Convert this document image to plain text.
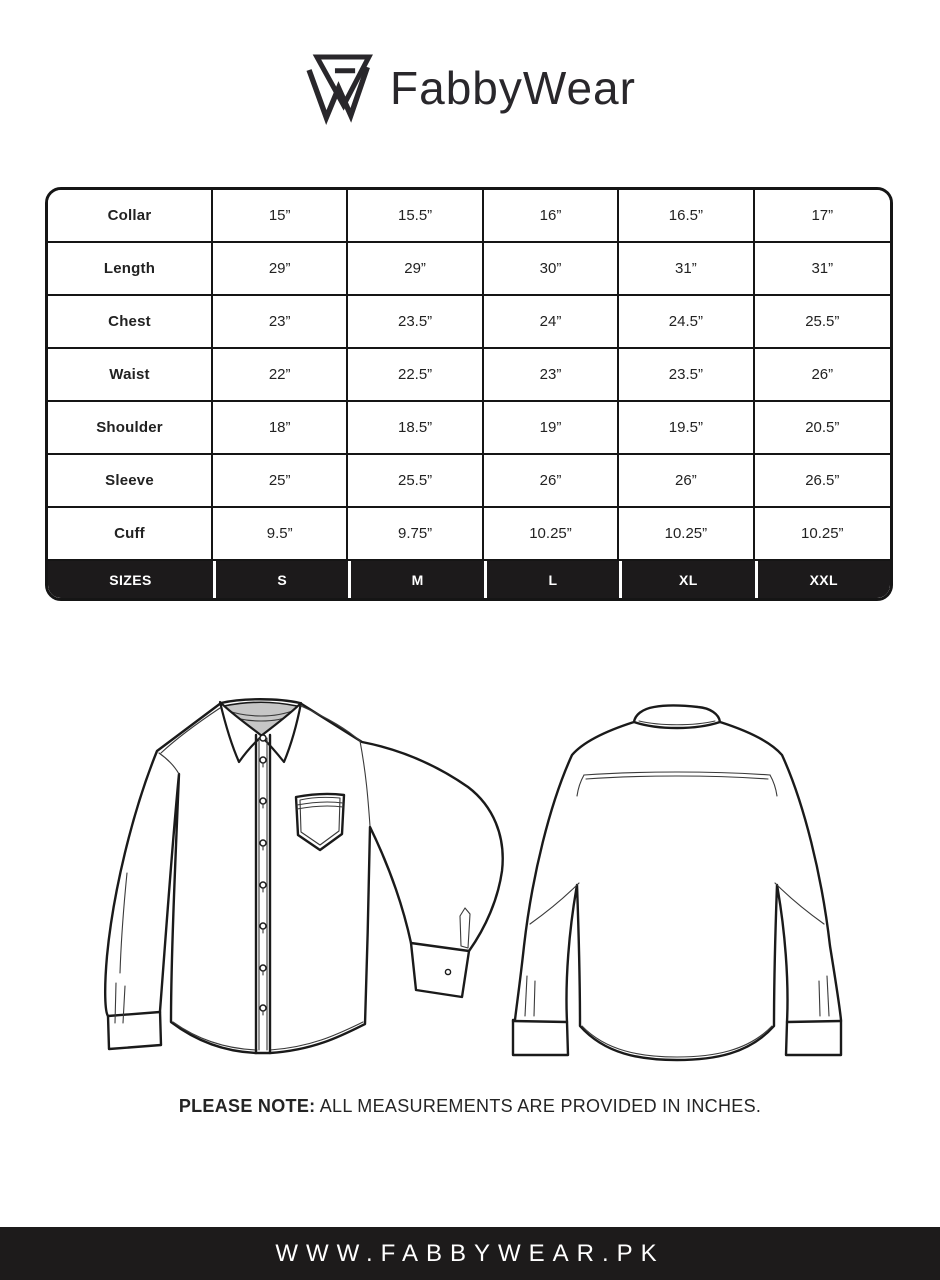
FabbyWear
Collar	15”	15.5”	16”	16.5”	17”
Length	29”	29”	30”	31”	31”
Chest	23”	23.5”	24”	24.5”	25.5”
Waist	22”	22.5”	23”	23.5”	26”
Shoulder	18”	18.5”	19”	19.5”	20.5”
Sleeve	25”	25.5”	26”	26”	26.5”
Cuff	9.5”	9.75”	10.25”	10.25”	10.25”
SIZES	S	M	L	XL	XXL
PLEASE NOTE: ALL MEASUREMENTS ARE PROVIDED IN INCHES.
WWW.FABBYWEAR.PK
